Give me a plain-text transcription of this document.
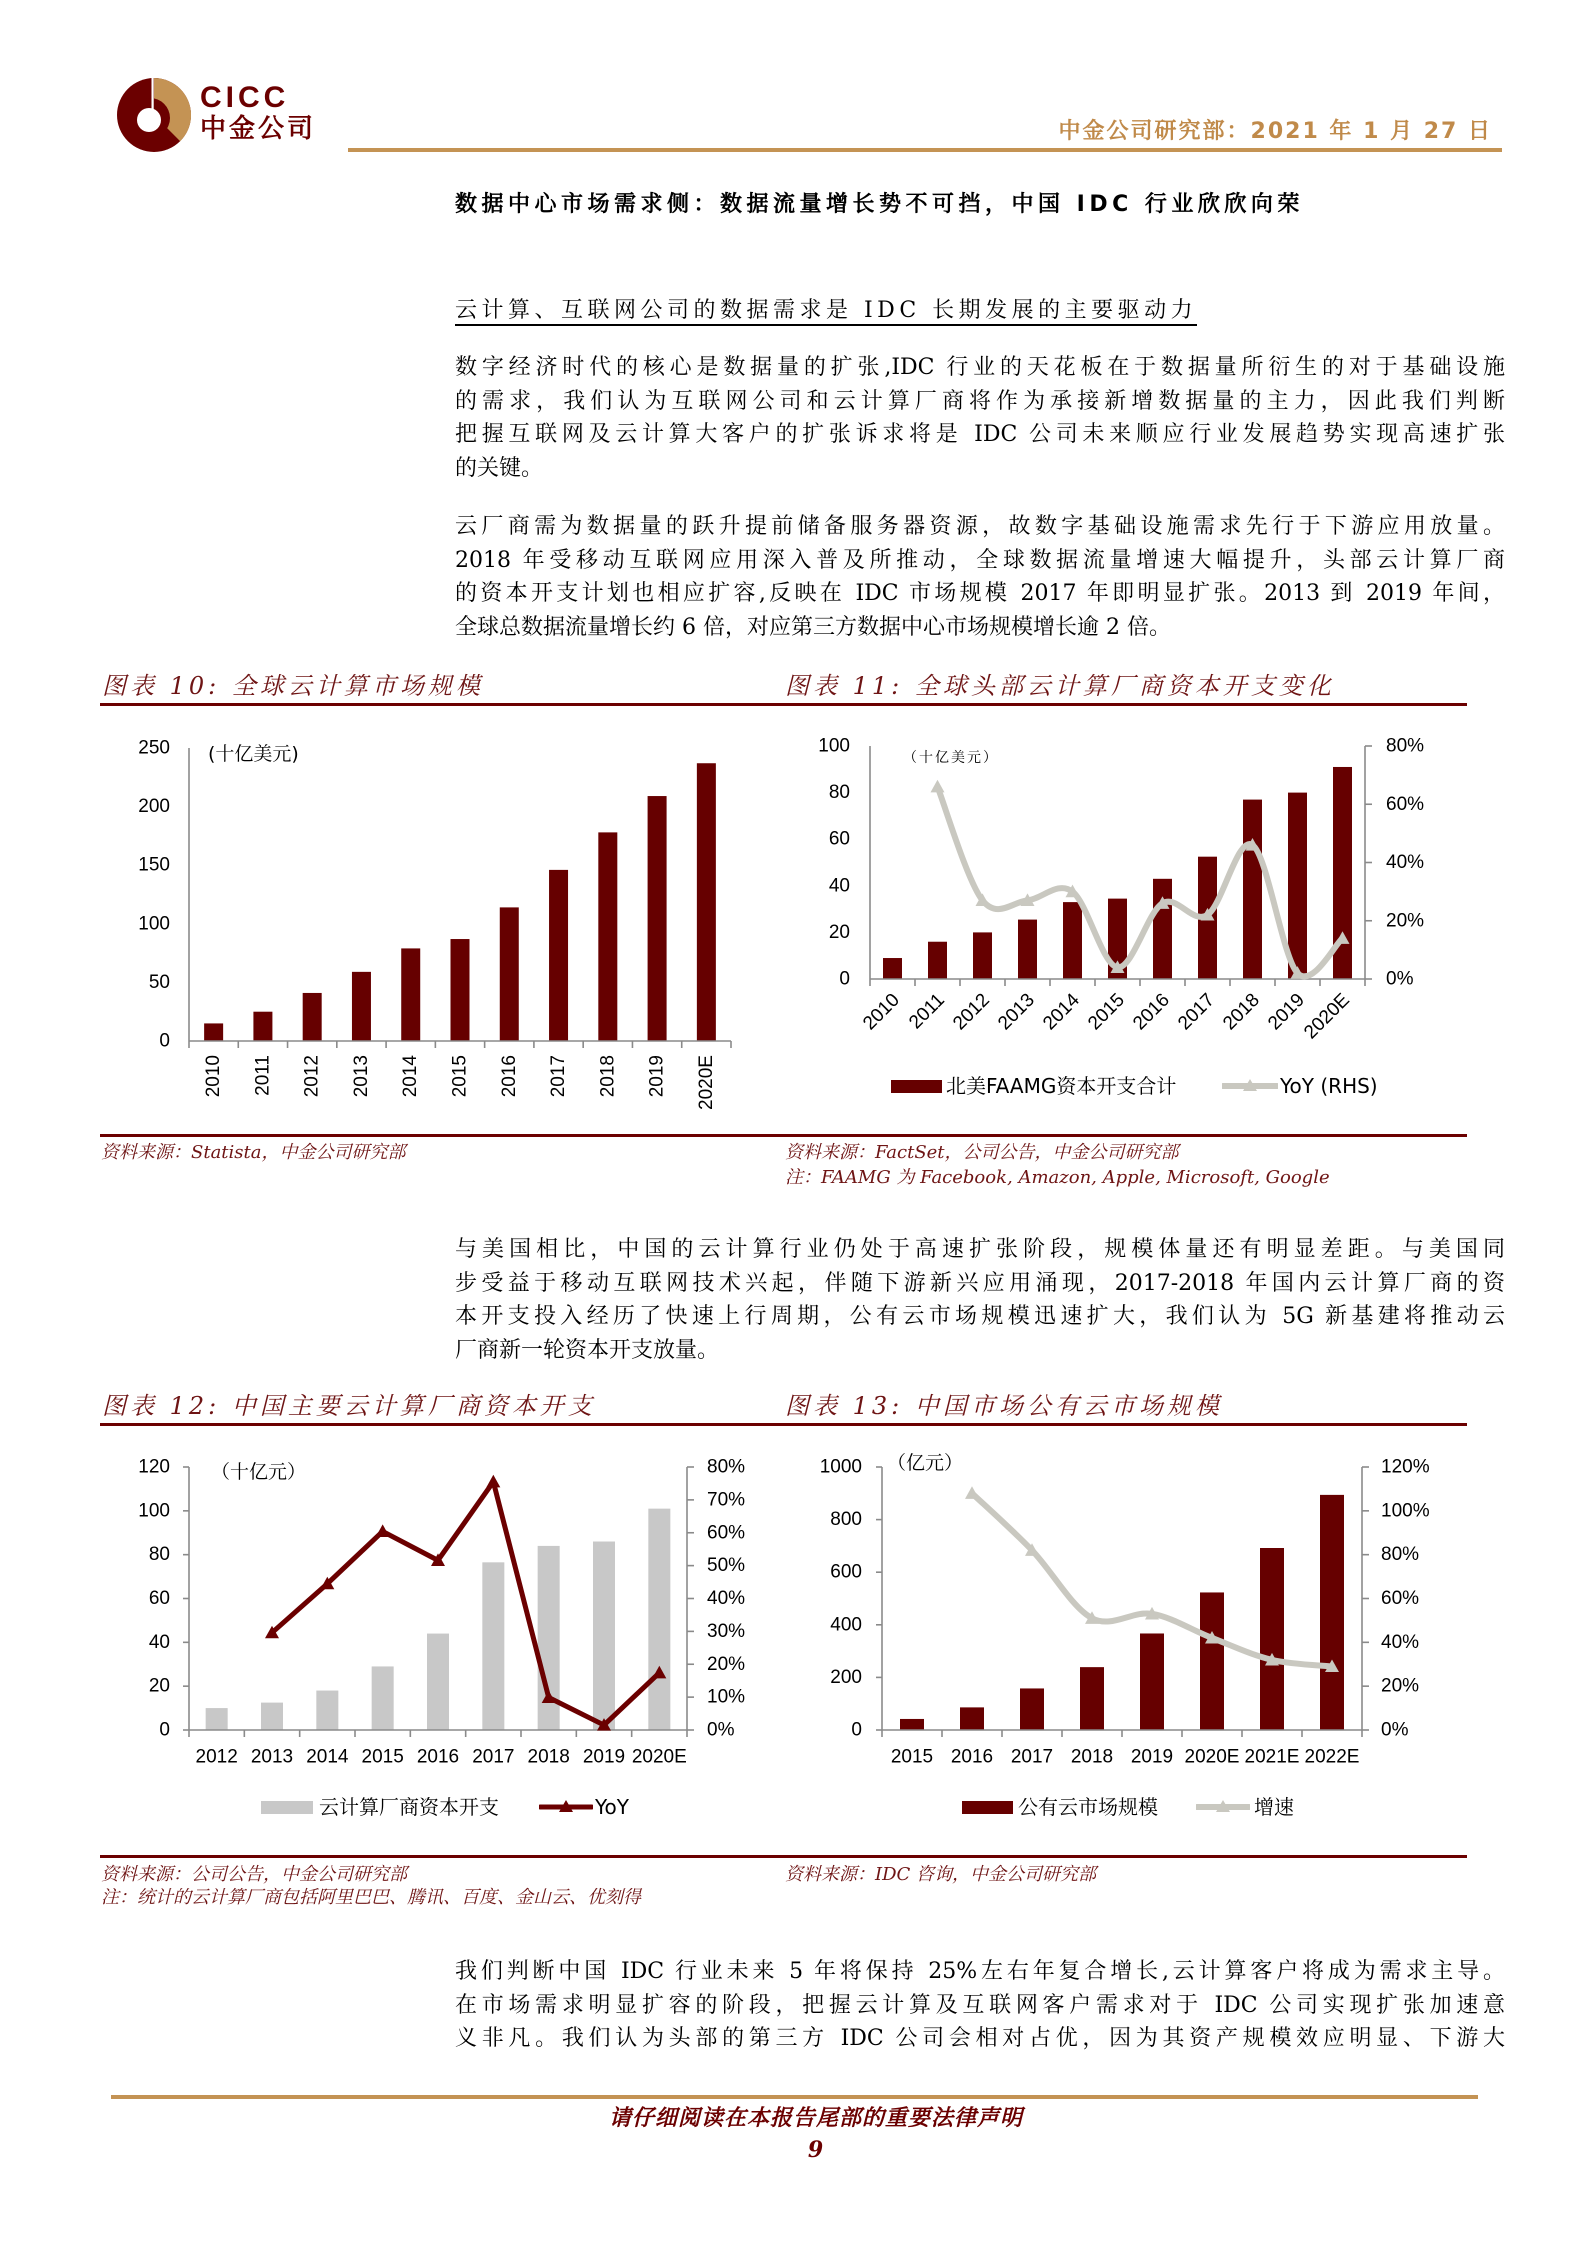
CICC
中金公司	中金公司研究部：2021 年 1 月 27 日
数据中心市场需求侧：数据流量增长势不可挡，中国 IDC 行业欣欣向荣
云计算、互联网公司的数据需求是 IDC 长期发展的主要驱动力
数字经济时代的核心是数据量的扩张,IDC 行业的天花板在于数据量所衍生的对于基础设施
的需求，我们认为互联网公司和云计算厂商将作为承接新增数据量的主力，因此我们判断
把握互联网及云计算大客户的扩张诉求将是 IDC 公司未来顺应行业发展趋势实现高速扩张
的关键。
云厂商需为数据量的跃升提前储备服务器资源，故数字基础设施需求先行于下游应用放量。
2018 年受移动互联网应用深入普及所推动，全球数据流量增速大幅提升，头部云计算厂商
的资本开支计划也相应扩容,反映在 IDC 市场规模 2017 年即明显扩张。2013 到 2019 年间，
全球总数据流量增长约 6 倍，对应第三方数据中心市场规模增长逾 2 倍。
图表 10: 全球云计算市场规模	图表 11: 全球头部云计算厂商资本开支变化
(十亿美元)	（十亿美元）
北美FAAMG资本开支合计	YoY (RHS)
资料来源：Statista，中金公司研究部	资料来源：FactSet，公司公告，中金公司研究部
注：FAAMG 为 Facebook, Amazon, Apple, Microsoft, Google
与美国相比，中国的云计算行业仍处于高速扩张阶段，规模体量还有明显差距。与美国同
步受益于移动互联网技术兴起，伴随下游新兴应用涌现，2017-2018 年国内云计算厂商的资
本开支投入经历了快速上行周期，公有云市场规模迅速扩大，我们认为 5G 新基建将推动云
厂商新一轮资本开支放量。
图表 12: 中国主要云计算厂商资本开支	图表 13: 中国市场公有云市场规模
（十亿元）	（亿元）
云计算厂商资本开支	YoY	公有云市场规模	增速
资料来源：公司公告，中金公司研究部
注：统计的云计算厂商包括阿里巴巴、腾讯、百度、金山云、优刻得
资料来源：IDC 咨询，中金公司研究部
我们判断中国 IDC 行业未来 5 年将保持 25%左右年复合增长,云计算客户将成为需求主导。
在市场需求明显扩容的阶段，把握云计算及互联网客户需求对于 IDC 公司实现扩张加速意
义非凡。我们认为头部的第三方 IDC 公司会相对占优，因为其资产规模效应明显、下游大
请仔细阅读在本报告尾部的重要法律声明
9
0
50
100
150
200
250
2010 2011 2012 2013 2014 2015 2016 2017 2018 2019 2020E
0
20
40
60
80
100
0%
20%
40%
60%
80%
2010 2011 2012 2013 2014 2015 2016 2017 2018 2019
2020E
0
20
40
60
80
100
120
0%
10%
20%
30%
40%
50%
60%
70%
80%
2012 2013 2014 2015 2016 2017 2018 2019 2020E
0
200
400
600
800
1000
0%
20%
40%
60%
80%
100%
120%
2015 2016 2017 2018 2019 2020E 2021E 2022E
